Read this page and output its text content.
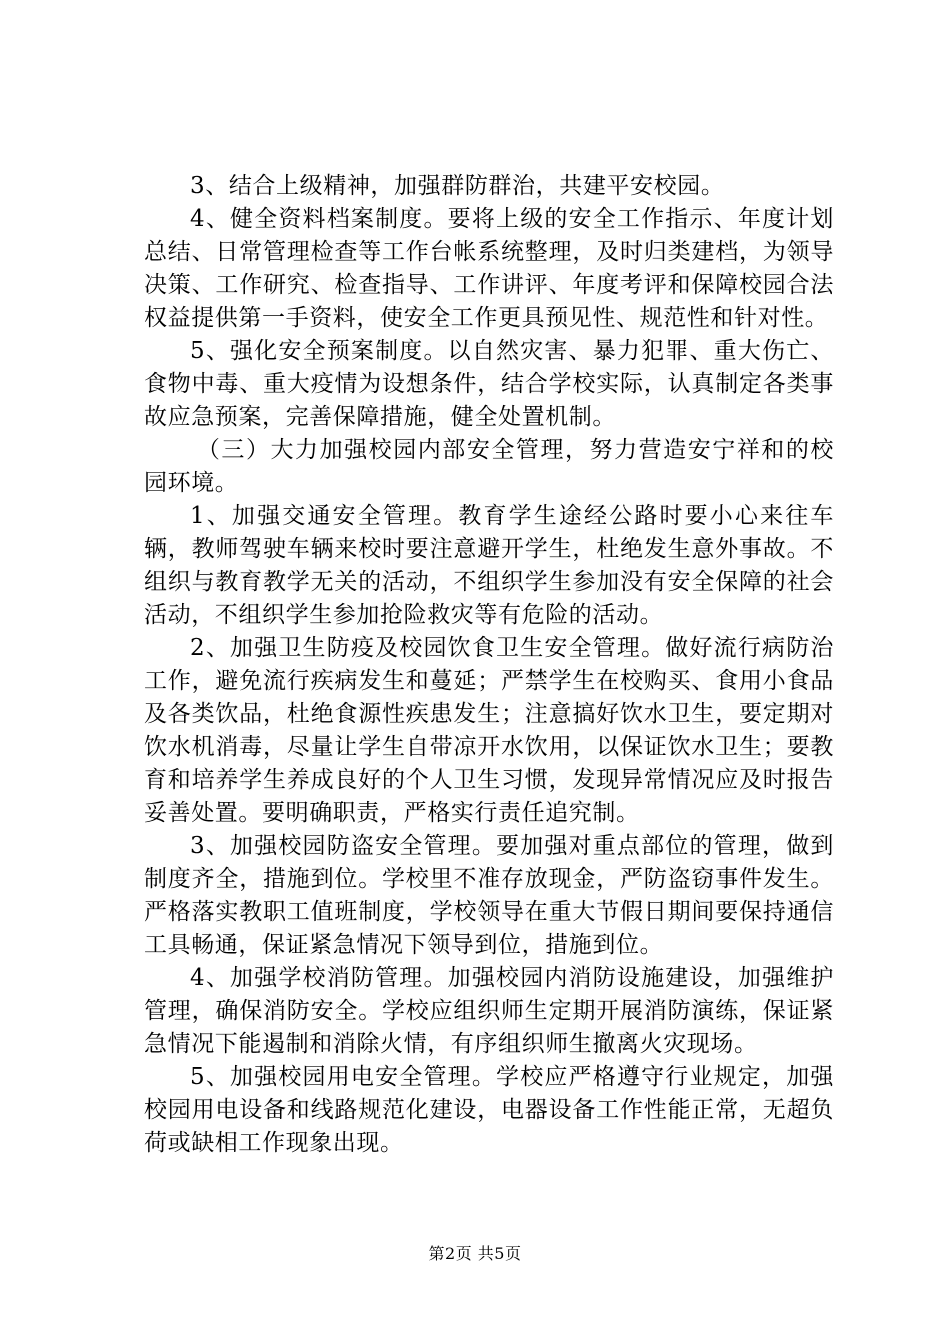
3、结合上级精神，加强群防群治，共建平安校园。

4、健全资料档案制度。要将上级的安全工作指示、年度计划总结、日常管理检查等工作台帐系统整理，及时归类建档，为领导决策、工作研究、检查指导、工作讲评、年度考评和保障校园合法权益提供第一手资料，使安全工作更具预见性、规范性和针对性。

5、强化安全预案制度。以自然灾害、暴力犯罪、重大伤亡、食物中毒、重大疫情为设想条件，结合学校实际，认真制定各类事故应急预案，完善保障措施，健全处置机制。

（三）大力加强校园内部安全管理，努力营造安宁祥和的校园环境。

1、加强交通安全管理。教育学生途经公路时要小心来往车辆，教师驾驶车辆来校时要注意避开学生，杜绝发生意外事故。不组织与教育教学无关的活动，不组织学生参加没有安全保障的社会活动，不组织学生参加抢险救灾等有危险的活动。

2、加强卫生防疫及校园饮食卫生安全管理。做好流行病防治工作，避免流行疾病发生和蔓延；严禁学生在校购买、食用小食品及各类饮品，杜绝食源性疾患发生；注意搞好饮水卫生，要定期对饮水机消毒，尽量让学生自带凉开水饮用，以保证饮水卫生；要教育和培养学生养成良好的个人卫生习惯，发现异常情况应及时报告妥善处置。要明确职责，严格实行责任追究制。

3、加强校园防盗安全管理。要加强对重点部位的管理，做到制度齐全，措施到位。学校里不准存放现金，严防盗窃事件发生。严格落实教职工值班制度，学校领导在重大节假日期间要保持通信工具畅通，保证紧急情况下领导到位，措施到位。

4、加强学校消防管理。加强校园内消防设施建设，加强维护管理，确保消防安全。学校应组织师生定期开展消防演练，保证紧急情况下能遏制和消除火情，有序组织师生撤离火灾现场。

5、加强校园用电安全管理。学校应严格遵守行业规定，加强校园用电设备和线路规范化建设，电器设备工作性能正常，无超负荷或缺相工作现象出现。

第2页 共5页
